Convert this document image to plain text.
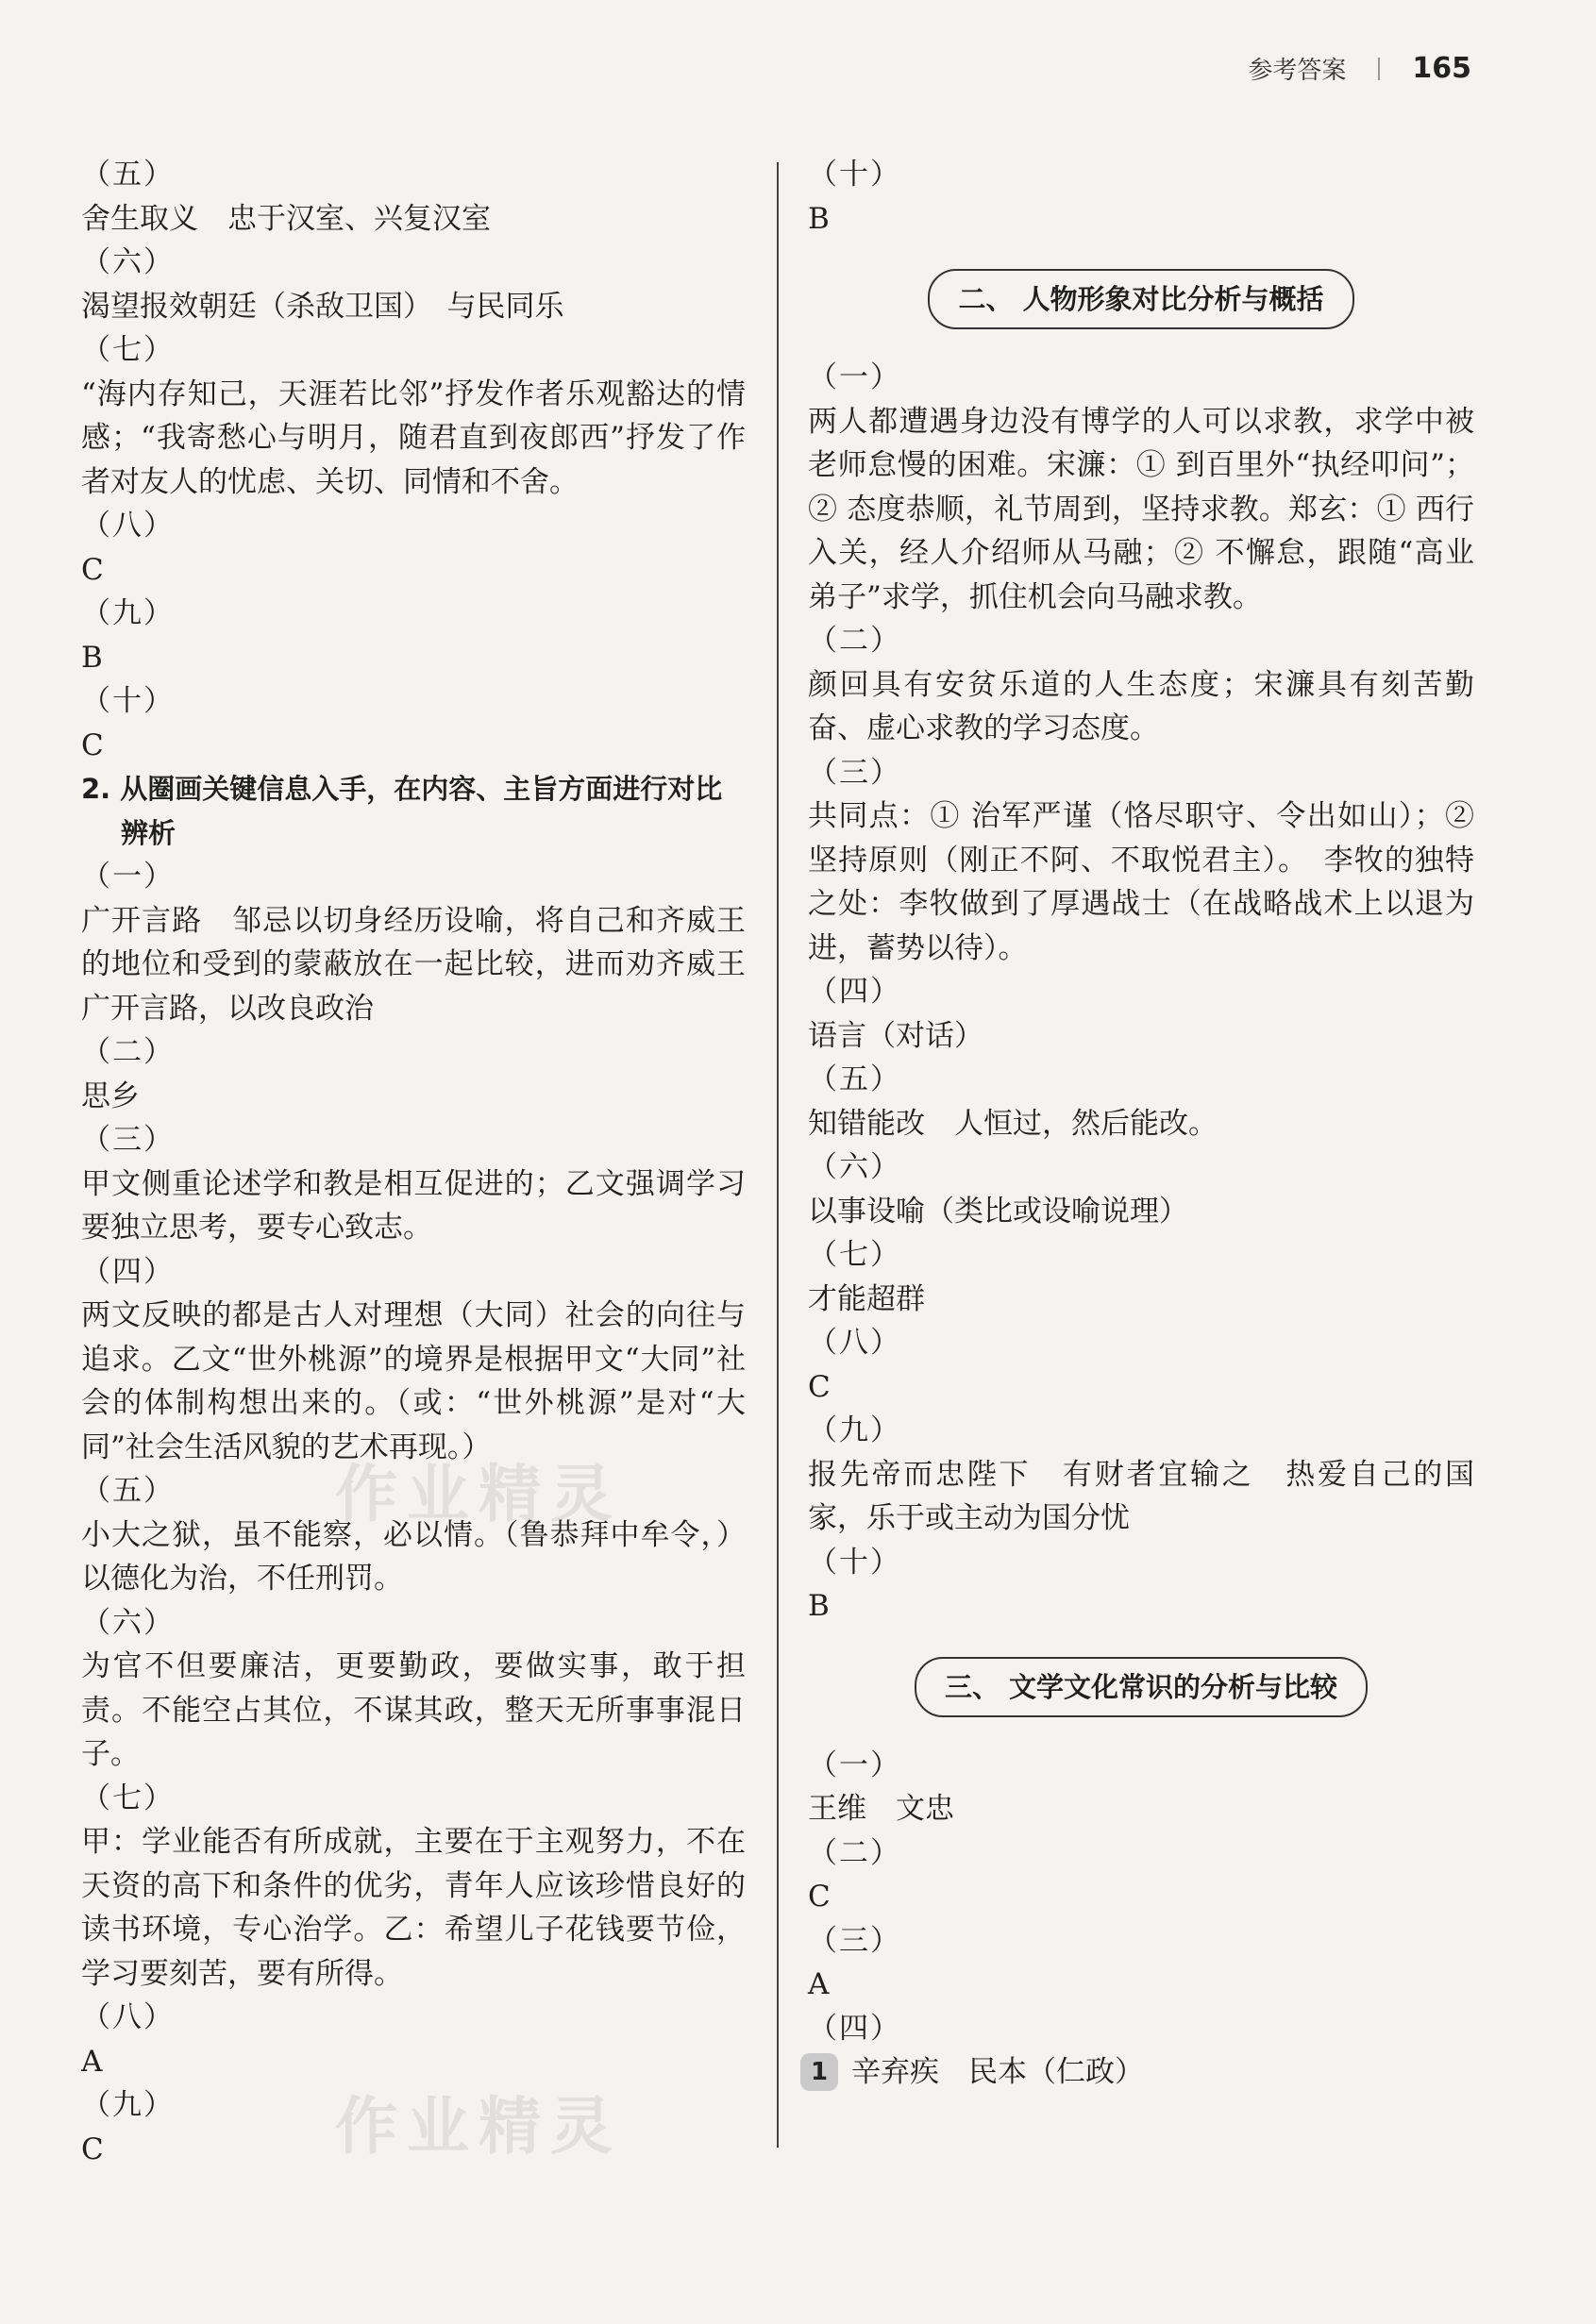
参考答案 165
（五）
舍生取义　忠于汉室、兴复汉室
（六）
渴望报效朝廷（杀敌卫国）　与民同乐
（七）
“海内存知己，天涯若比邻”抒发作者乐观豁达的情感；“我寄愁心与明月，随君直到夜郎西”抒发了作者对友人的忧虑、关切、同情和不舍。
（八）
C
（九）
B
（十）
C
2. 从圈画关键信息入手，在内容、主旨方面进行对比辨析
（一）
广开言路　邹忌以切身经历设喻，将自己和齐威王的地位和受到的蒙蔽放在一起比较，进而劝齐威王广开言路，以改良政治
（二）
思乡
（三）
甲文侧重论述学和教是相互促进的；乙文强调学习要独立思考，要专心致志。
（四）
两文反映的都是古人对理想（大同）社会的向往与追求。乙文“世外桃源”的境界是根据甲文“大同”社会的体制构想出来的。（或：“世外桃源”是对“大同”社会生活风貌的艺术再现。）
（五）
小大之狱，虽不能察，必以情。（鲁恭拜中牟令，）以德化为治，不任刑罚。
（六）
为官不但要廉洁，更要勤政，要做实事，敢于担责。不能空占其位，不谋其政，整天无所事事混日子。
（七）
甲：学业能否有所成就，主要在于主观努力，不在天资的高下和条件的优劣，青年人应该珍惜良好的读书环境，专心治学。乙：希望儿子花钱要节俭，学习要刻苦，要有所得。
（八）
A
（九）
C
（十）
B
二、 人物形象对比分析与概括
（一）
两人都遭遇身边没有博学的人可以求教，求学中被老师怠慢的困难。宋濂：① 到百里外“执经叩问”；② 态度恭顺，礼节周到，坚持求教。郑玄：① 西行入关，经人介绍师从马融；② 不懈怠，跟随“高业弟子”求学，抓住机会向马融求教。
（二）
颜回具有安贫乐道的人生态度；宋濂具有刻苦勤奋、虚心求教的学习态度。
（三）
共同点：① 治军严谨（恪尽职守、令出如山）；② 坚持原则（刚正不阿、不取悦君主）。　李牧的独特之处：李牧做到了厚遇战士（在战略战术上以退为进，蓄势以待）。
（四）
语言（对话）
（五）
知错能改　人恒过，然后能改。
（六）
以事设喻（类比或设喻说理）
（七）
才能超群
（八）
C
（九）
报先帝而忠陛下　有财者宜输之　热爱自己的国家，乐于或主动为国分忧
（十）
B
三、 文学文化常识的分析与比较
（一）
王维　文忠
（二）
C
（三）
A
（四）
1 辛弃疾　民本（仁政）
作业精灵
作业精灵
